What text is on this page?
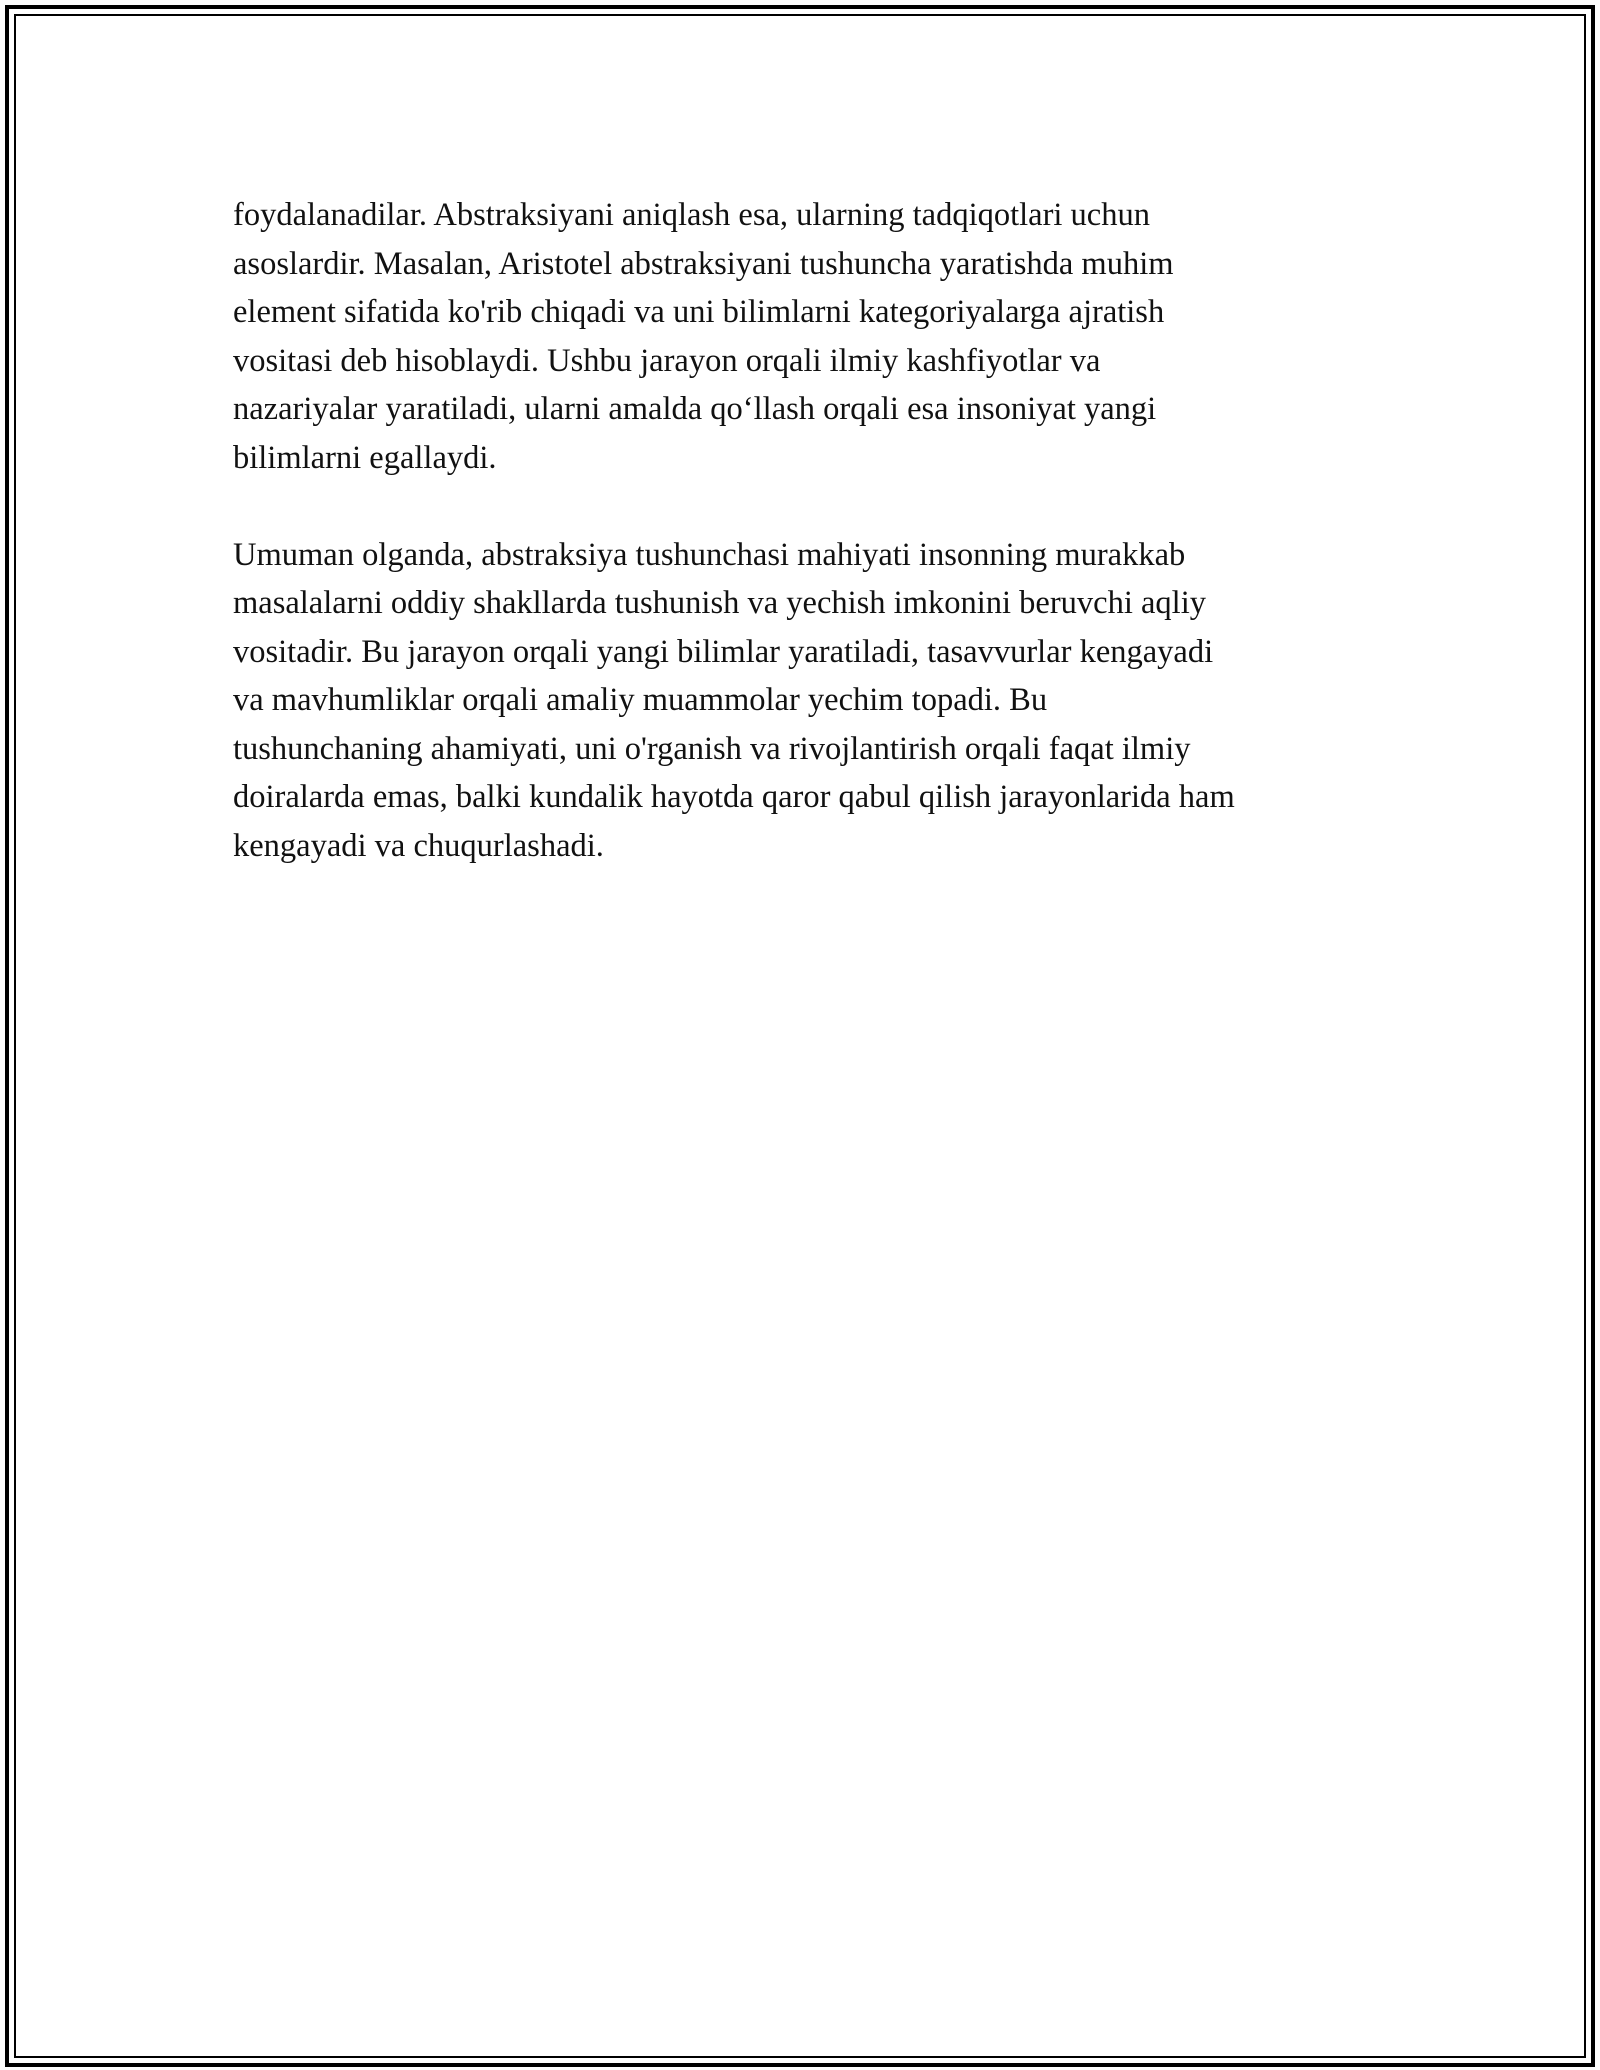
foydalanadilar. Abstraksiyani aniqlash esa, ularning tadqiqotlari uchun
asoslardir. Masalan, Aristotel abstraksiyani tushuncha yaratishda muhim
element sifatida ko'rib chiqadi va uni bilimlarni kategoriyalarga ajratish
vositasi deb hisoblaydi. Ushbu jarayon orqali ilmiy kashfiyotlar va
nazariyalar yaratiladi, ularni amalda qo‘llash orqali esa insoniyat yangi
bilimlarni egallaydi.

Umuman olganda, abstraksiya tushunchasi mahiyati insonning murakkab
masalalarni oddiy shakllarda tushunish va yechish imkonini beruvchi aqliy
vositadir. Bu jarayon orqali yangi bilimlar yaratiladi, tasavvurlar kengayadi
va mavhumliklar orqali amaliy muammolar yechim topadi. Bu
tushunchaning ahamiyati, uni o'rganish va rivojlantirish orqali faqat ilmiy
doiralarda emas, balki kundalik hayotda qaror qabul qilish jarayonlarida ham
kengayadi va chuqurlashadi.
